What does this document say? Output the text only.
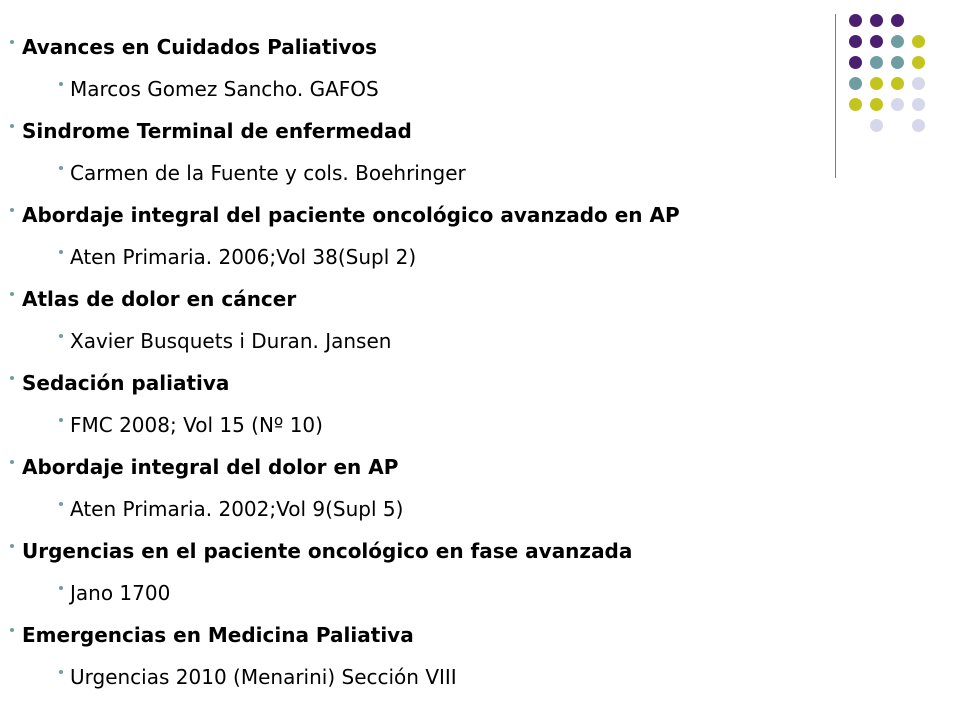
Avances en Cuidados Paliativos
Marcos Gomez Sancho. GAFOS
Sindrome Terminal de enfermedad
Carmen de la Fuente y cols. Boehringer
Abordaje integral del paciente oncológico avanzado en AP
Aten Primaria. 2006;Vol 38(Supl 2)
Atlas de dolor en cáncer
Xavier Busquets i Duran. Jansen
Sedación paliativa
FMC 2008; Vol 15 (Nº 10)
Abordaje integral del dolor en AP
Aten Primaria. 2002;Vol 9(Supl 5)
Urgencias en el paciente oncológico en fase avanzada
Jano 1700
Emergencias en Medicina Paliativa
Urgencias 2010 (Menarini) Sección VIII
